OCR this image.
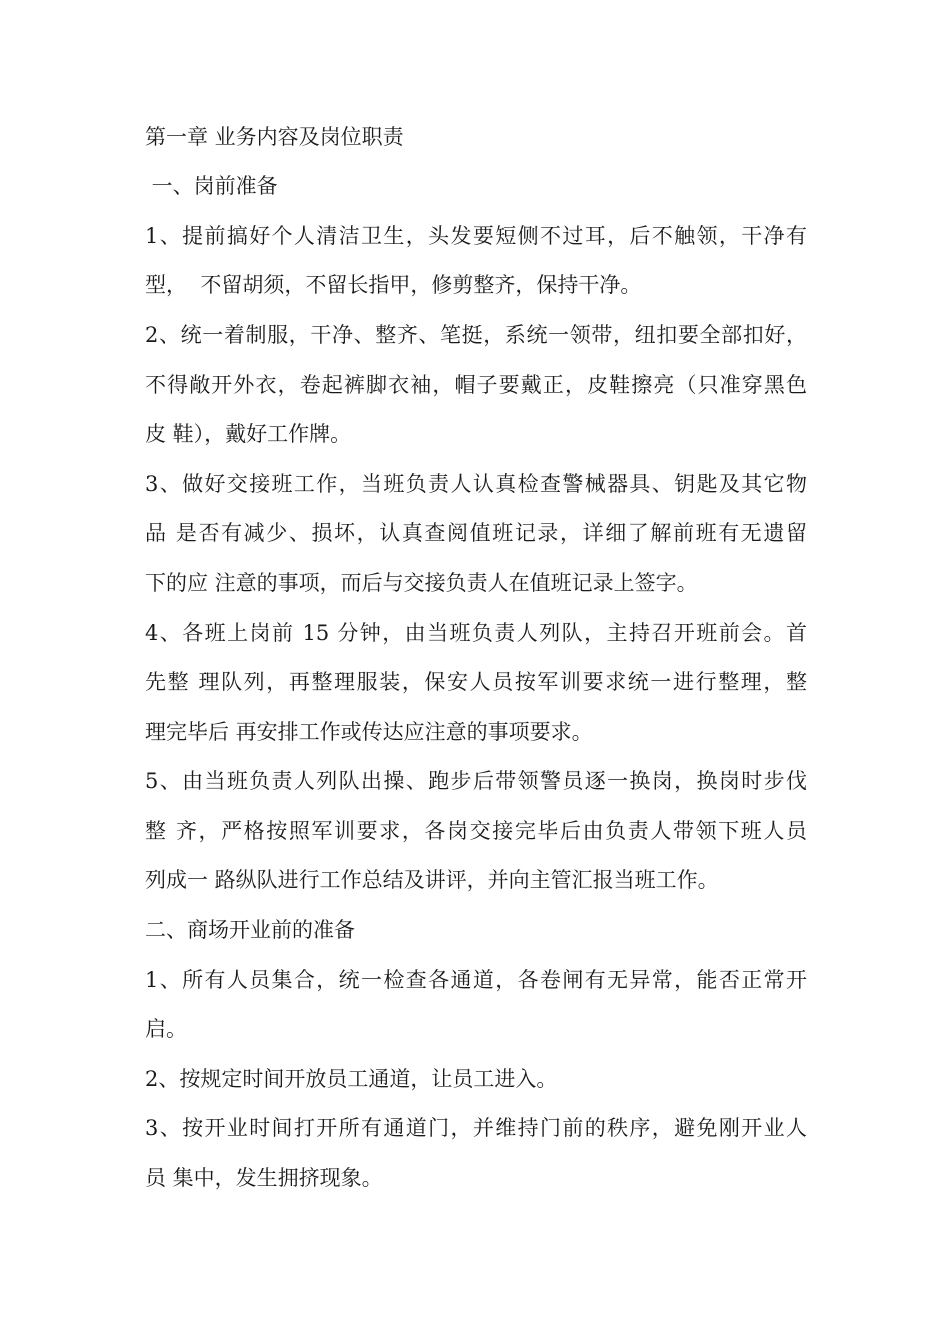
第一章 业务内容及岗位职责
一、岗前准备
1、提前搞好个人清洁卫生，头发要短侧不过耳，后不触领，干净有
型，  不留胡须，不留长指甲，修剪整齐，保持干净。
2、统一着制服，干净、整齐、笔挺，系统一领带，纽扣要全部扣好，
不得敞开外衣，卷起裤脚衣袖，帽子要戴正，皮鞋擦亮（只准穿黑色
皮 鞋），戴好工作牌。
3、做好交接班工作，当班负责人认真检查警械器具、钥匙及其它物
品 是否有减少、损坏，认真查阅值班记录，详细了解前班有无遗留
下的应 注意的事项，而后与交接负责人在值班记录上签字。
4、各班上岗前 15 分钟，由当班负责人列队，主持召开班前会。首
先整 理队列，再整理服装，保安人员按军训要求统一进行整理，整
理完毕后 再安排工作或传达应注意的事项要求。
5、由当班负责人列队出操、跑步后带领警员逐一换岗，换岗时步伐
整 齐，严格按照军训要求，各岗交接完毕后由负责人带领下班人员
列成一 路纵队进行工作总结及讲评，并向主管汇报当班工作。
二、商场开业前的准备
1、所有人员集合，统一检查各通道，各卷闸有无异常，能否正常开
启。
2、按规定时间开放员工通道，让员工进入。
3、按开业时间打开所有通道门，并维持门前的秩序，避免刚开业人
员 集中，发生拥挤现象。
